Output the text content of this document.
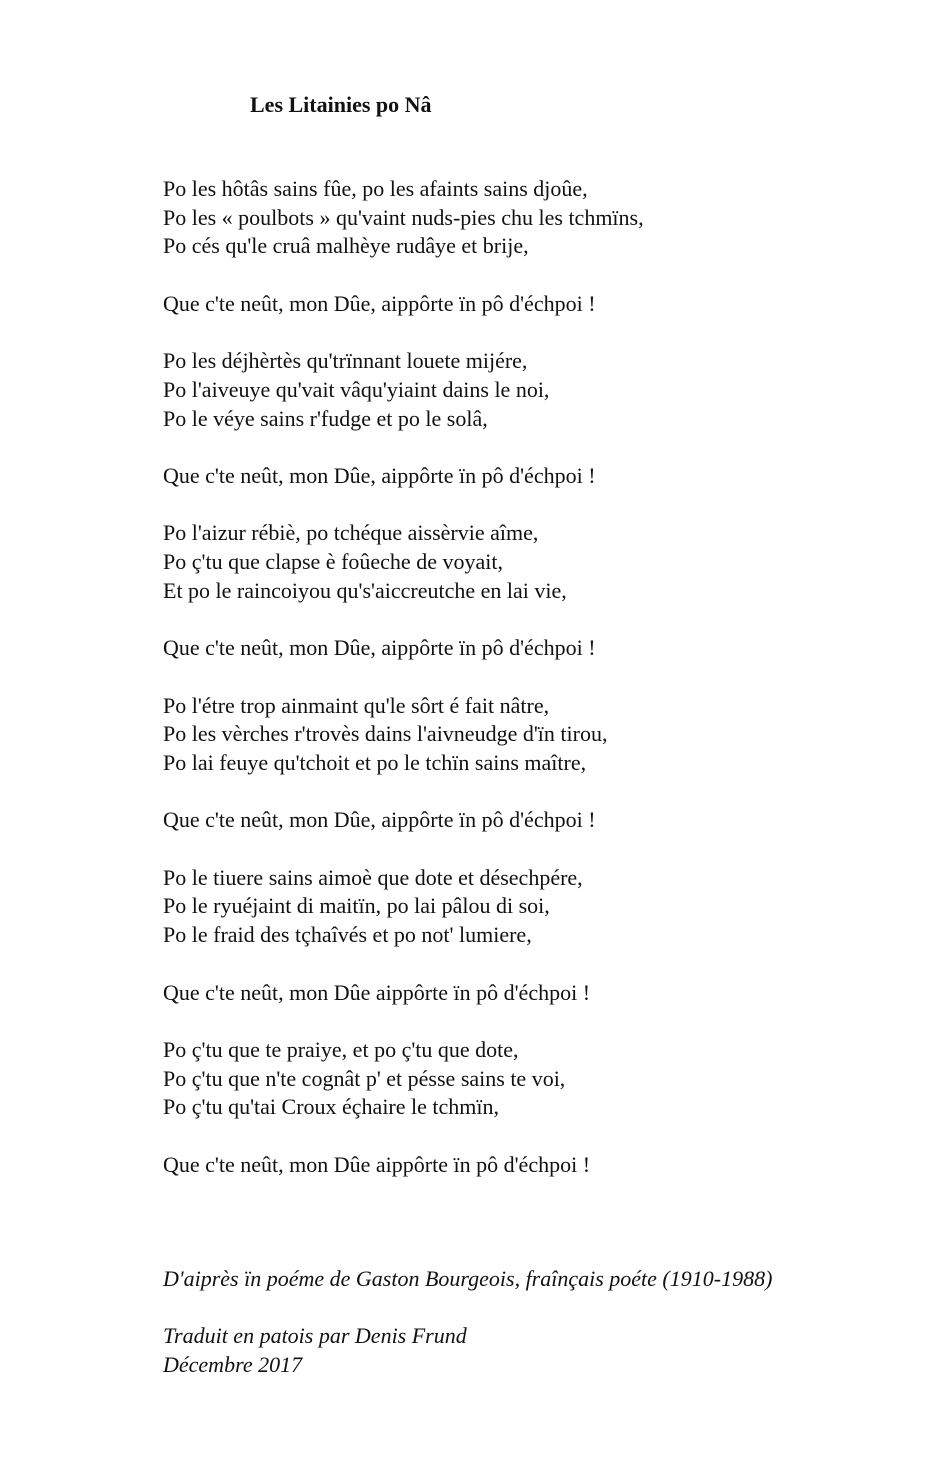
Les Litainies po Nâ
Po les hôtâs sains fûe, po les afaints sains djoûe,
Po les « poulbots » qu'vaint nuds-pies chu les tchmïns,
Po cés qu'le cruâ malhèye rudâye et brije,
Que c'te neût, mon Dûe, aippôrte ïn pô d'échpoi !
Po les déjhèrtès qu'trïnnant louete mijére,
Po l'aiveuye qu'vait vâqu'yiaint dains le noi,
Po le véye sains r'fudge et po le solâ,
Que c'te neût, mon Dûe, aippôrte ïn pô d'échpoi !
Po l'aizur rébiè, po tchéque aissèrvie aîme,
Po ç'tu que clapse è foûeche de voyait,
Et po le raincoiyou qu's'aiccreutche en lai vie,
Que c'te neût, mon Dûe, aippôrte ïn pô d'échpoi !
Po l'étre trop ainmaint qu'le sôrt é fait nâtre,
Po les vèrches r'trovès dains l'aivneudge d'ïn tirou,
Po lai feuye qu'tchoit et po le tchïn sains maître,
Que c'te neût, mon Dûe, aippôrte ïn pô d'échpoi !
Po le tiuere sains aimoè que dote et désechpére,
Po le ryuéjaint di maitïn, po lai pâlou di soi,
Po le fraid des tçhaîvés et po not' lumiere,
Que c'te neût, mon Dûe aippôrte ïn pô d'échpoi !
Po ç'tu que te praiye, et po ç'tu que dote,
Po ç'tu que n'te cognât p' et pésse sains te voi,
Po ç'tu qu'tai Croux éçhaire le tchmïn,
Que c'te neût, mon Dûe aippôrte ïn pô d'échpoi !
D'aiprès ïn poéme de Gaston Bourgeois, fraînçais poéte (1910-1988)
Traduit en patois par Denis Frund
Décembre 2017
